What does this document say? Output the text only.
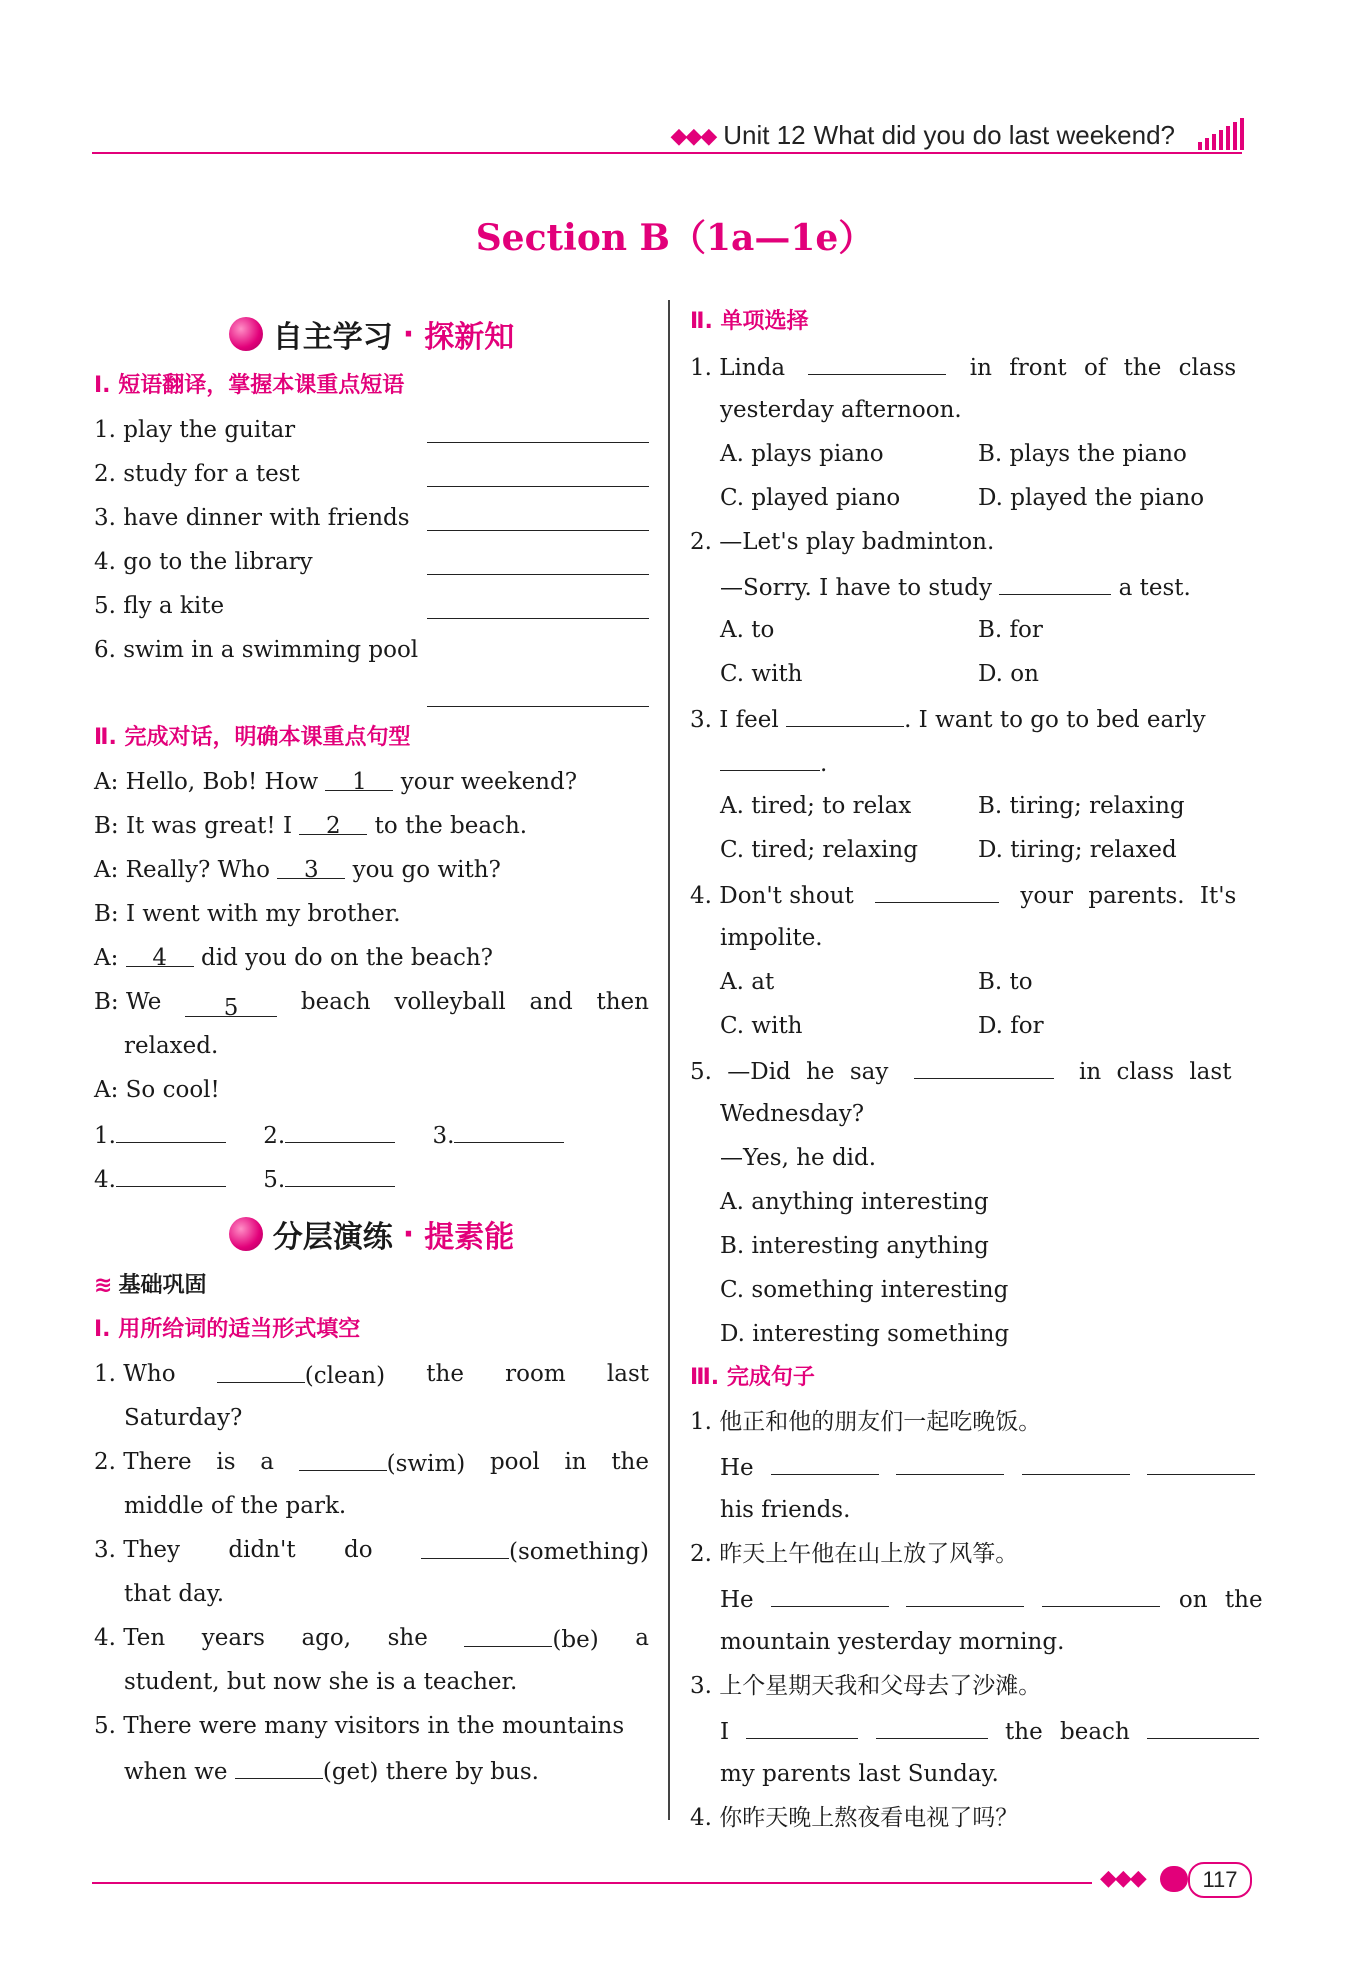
◆◆◆ Unit 12 What did you do last weekend?
Section B（1a—1e）
自主学习 · 探新知
Ⅰ. 短语翻译，掌握本课重点短语
1. play the guitar
2. study for a test
3. have dinner with friends
4. go to the library
5. fly a kite
6. swim in a swimming pool
Ⅱ. 完成对话，明确本课重点句型
A: Hello, Bob! How 1 your weekend?
B: It was great! I 2 to the beach.
A: Really? Who 3 you go with?
B: I went with my brother.
A: 4 did you do on the beach?
B: We	5	beach volleyball and then
relaxed.
A: So cool!
1.	2.	3.
4.	5.
分层演练 · 提素能
≋ 基础巩固
Ⅰ. 用所给词的适当形式填空
1. Who	(clean) the room last
Saturday?
2. There is a	(swim) pool in the
middle of the park.
3. They didn't do	(something)
that day.
4. Ten years ago, she	(be) a
student, but now she is a teacher.
5. There were many visitors in the mountains
when we	(get) there by bus.
Ⅱ. 单项选择
1. Linda	in front of the class
yesterday afternoon.
A. plays piano	B. plays the piano
C. played piano	D. played the piano
2. —Let's play badminton.
—Sorry. I have to study	a test.
A. to	B. for
C. with	D. on
3. I feel	. I want to go to bed early
.
A. tired; to relax	B. tiring; relaxing
C. tired; relaxing	D. tiring; relaxed
4. Don't shout	your parents. It's
impolite.
A. at	B. to
C. with	D. for
5. —Did he say	in class last
Wednesday?
—Yes, he did.
A. anything interesting
B. interesting anything
C. something interesting
D. interesting something
Ⅲ. 完成句子
1. 他正和他的朋友们一起吃晚饭。
He
his friends.
2. 昨天上午他在山上放了风筝。
He	on the
mountain yesterday morning.
3. 上个星期天我和父母去了沙滩。
I	the beach
my parents last Sunday.
4. 你昨天晚上熬夜看电视了吗？
◆◆◆	117
